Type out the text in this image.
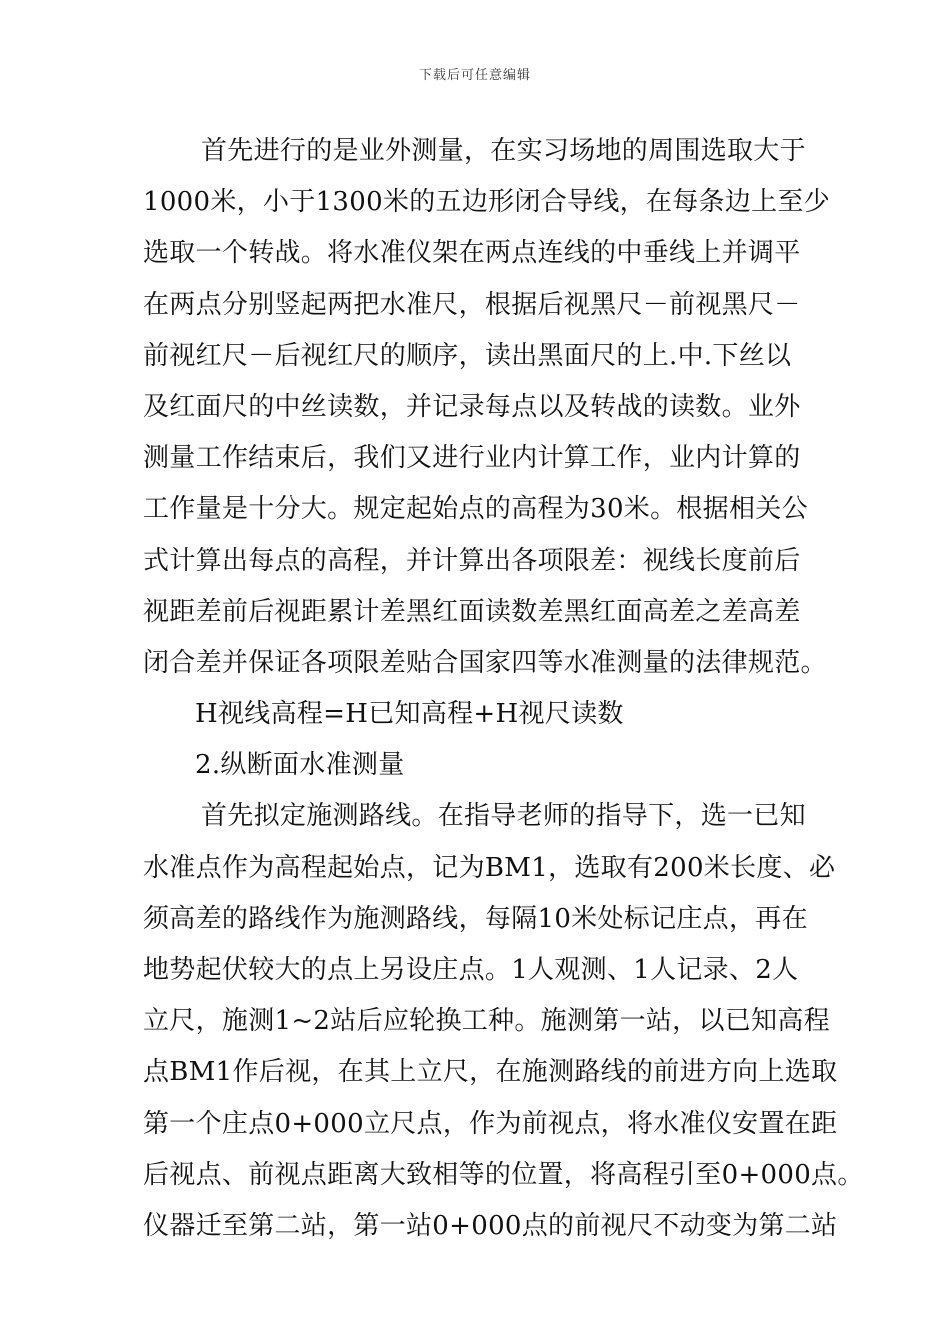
下载后可任意编辑
首先进行的是业外测量，在实习场地的周围选取大于
1000米，小于1300米的五边形闭合导线，在每条边上至少
选取一个转战。将水准仪架在两点连线的中垂线上并调平
在两点分别竖起两把水准尺，根据后视黑尺－前视黑尺－
前视红尺－后视红尺的顺序，读出黑面尺的上.中.下丝以
及红面尺的中丝读数，并记录每点以及转战的读数。业外
测量工作结束后，我们又进行业内计算工作，业内计算的
工作量是十分大。规定起始点的高程为30米。根据相关公
式计算出每点的高程，并计算出各项限差：视线长度前后
视距差前后视距累计差黑红面读数差黑红面高差之差高差
闭合差并保证各项限差贴合国家四等水准测量的法律规范。
H视线高程=H已知高程+H视尺读数
2.纵断面水准测量
首先拟定施测路线。在指导老师的指导下，选一已知
水准点作为高程起始点，记为BM1，选取有200米长度、必
须高差的路线作为施测路线，每隔10米处标记庄点，再在
地势起伏较大的点上另设庄点。1人观测、1人记录、2人
立尺，施测1~2站后应轮换工种。施测第一站，以已知高程
点BM1作后视，在其上立尺，在施测路线的前进方向上选取
第一个庄点0+000立尺点，作为前视点，将水准仪安置在距
后视点、前视点距离大致相等的位置，将高程引至0+000点。
仪器迁至第二站，第一站0+000点的前视尺不动变为第二站
